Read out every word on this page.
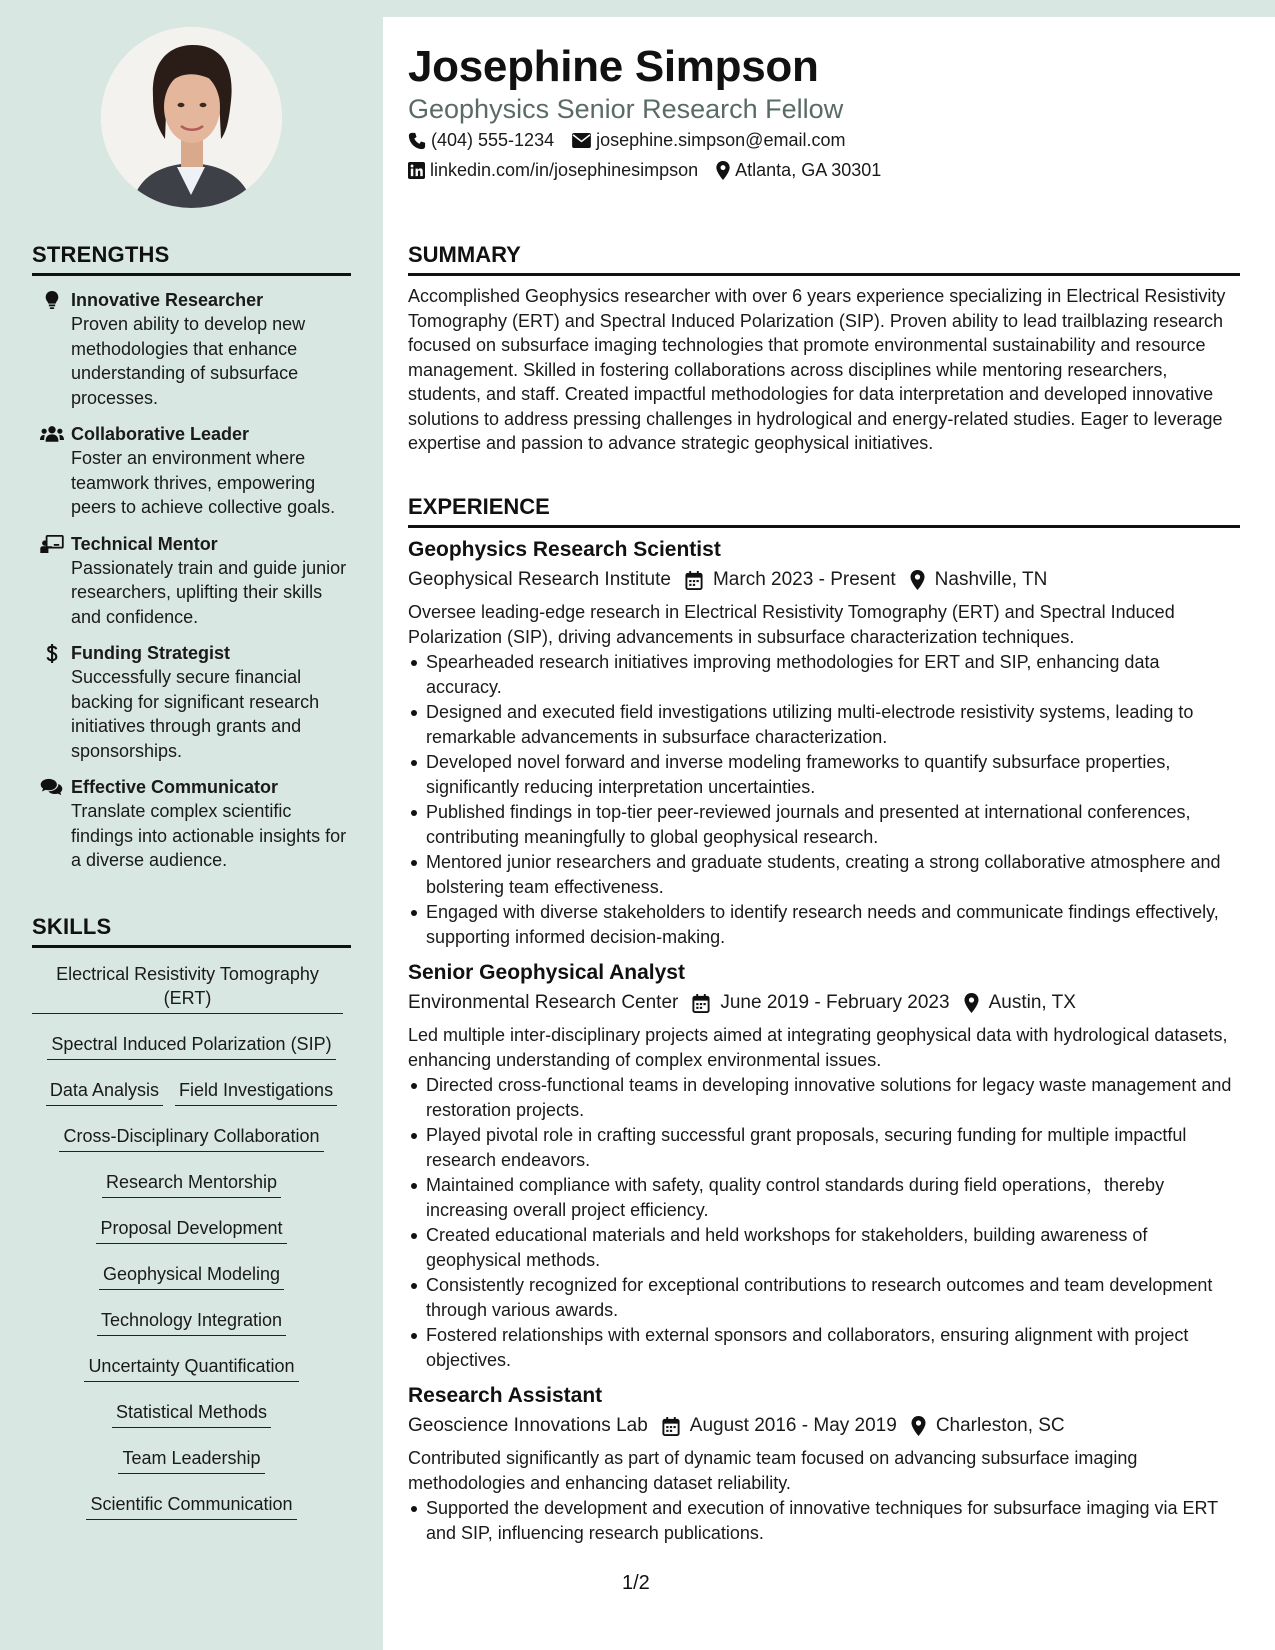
Josephine Simpson
Geophysics Senior Research Fellow
(404) 555-1234 josephine.simpson@email.com
linkedin.com/in/josephinesimpson Atlanta, GA 30301
STRENGTHS
Innovative Researcher
Proven ability to develop new methodologies that enhance understanding of subsurface processes.
Collaborative Leader
Foster an environment where teamwork thrives, empowering peers to achieve collective goals.
Technical Mentor
Passionately train and guide junior researchers, uplifting their skills and confidence.
Funding Strategist
Successfully secure financial backing for significant research initiatives through grants and sponsorships.
Effective Communicator
Translate complex scientific findings into actionable insights for a diverse audience.
SKILLS
Electrical Resistivity Tomography (ERT)
Spectral Induced Polarization (SIP)
Data Analysis Field Investigations
Cross-Disciplinary Collaboration
Research Mentorship
Proposal Development
Geophysical Modeling
Technology Integration
Uncertainty Quantification
Statistical Methods
Team Leadership
Scientific Communication
SUMMARY

Accomplished Geophysics researcher with over 6 years experience specializing in Electrical Resistivity Tomography (ERT) and Spectral Induced Polarization (SIP). Proven ability to lead trailblazing research focused on subsurface imaging technologies that promote environmental sustainability and resource management. Skilled in fostering collaborations across disciplines while mentoring researchers, students, and staff. Created impactful methodologies for data interpretation and developed innovative solutions to address pressing challenges in hydrological and energy-related studies. Eager to leverage expertise and passion to advance strategic geophysical initiatives.

EXPERIENCE
Geophysics Research Scientist
Geophysical Research Institute March 2023 - Present Nashville, TN
Oversee leading-edge research in Electrical Resistivity Tomography (ERT) and Spectral Induced Polarization (SIP), driving advancements in subsurface characterization techniques.
Spearheaded research initiatives improving methodologies for ERT and SIP, enhancing data accuracy.
Designed and executed field investigations utilizing multi-electrode resistivity systems, leading to remarkable advancements in subsurface characterization.
Developed novel forward and inverse modeling frameworks to quantify subsurface properties, significantly reducing interpretation uncertainties.
Published findings in top-tier peer-reviewed journals and presented at international conferences, contributing meaningfully to global geophysical research.
Mentored junior researchers and graduate students, creating a strong collaborative atmosphere and bolstering team effectiveness.
Engaged with diverse stakeholders to identify research needs and communicate findings effectively, supporting informed decision-making.
Senior Geophysical Analyst
Environmental Research Center June 2019 - February 2023 Austin, TX
Led multiple inter-disciplinary projects aimed at integrating geophysical data with hydrological datasets, enhancing understanding of complex environmental issues.
Directed cross-functional teams in developing innovative solutions for legacy waste management and restoration projects.
Played pivotal role in crafting successful grant proposals, securing funding for multiple impactful research endeavors.
Maintained compliance with safety, quality control standards during field operations，thereby increasing overall project efficiency.
Created educational materials and held workshops for stakeholders, building awareness of geophysical methods.
Consistently recognized for exceptional contributions to research outcomes and team development through various awards.
Fostered relationships with external sponsors and collaborators, ensuring alignment with project objectives.
Research Assistant
Geoscience Innovations Lab August 2016 - May 2019 Charleston, SC
Contributed significantly as part of dynamic team focused on advancing subsurface imaging methodologies and enhancing dataset reliability.
Supported the development and execution of innovative techniques for subsurface imaging via ERT and SIP, influencing research publications.
1/2
